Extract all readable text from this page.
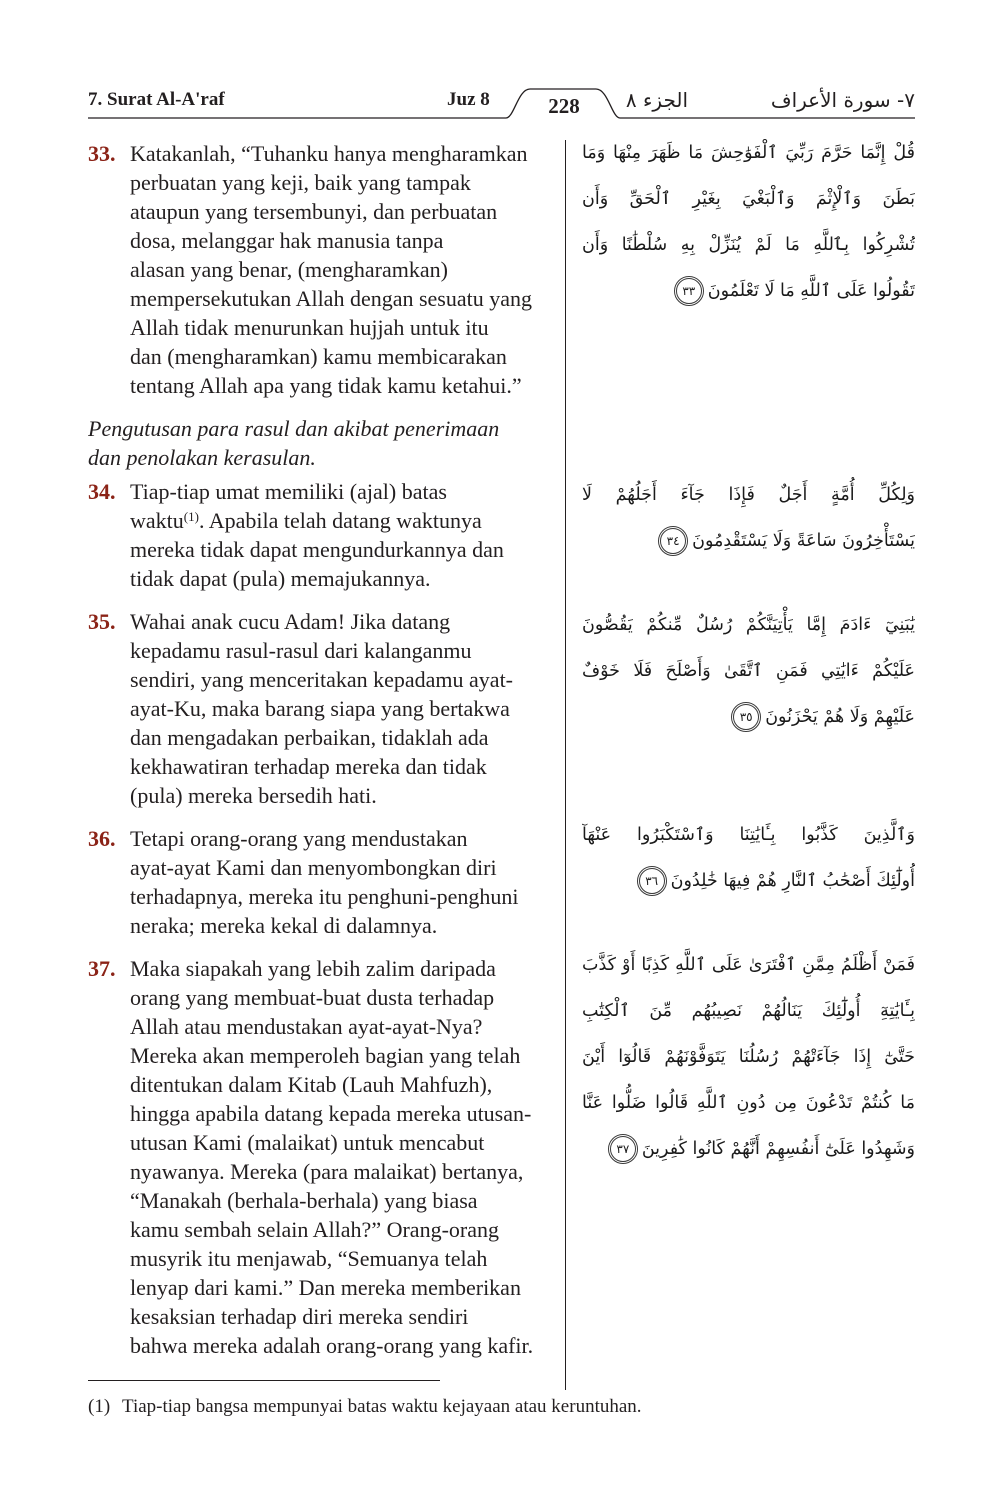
7. Surat Al-A'raf	Juz 8	228	الجزء ٨	٧- سورة الأعراف
33. Katakanlah, “Tuhanku hanya mengharamkan
perbuatan yang keji, baik yang tampak
ataupun yang tersembunyi, dan perbuatan
dosa, melanggar hak manusia tanpa
alasan yang benar, (mengharamkan)
mempersekutukan Allah dengan sesuatu yang
Allah tidak menurunkan hujjah untuk itu
dan (mengharamkan) kamu membicarakan
tentang Allah apa yang tidak kamu ketahui.”
Pengutusan para rasul dan akibat penerimaan
dan penolakan kerasulan.
34. Tiap-tiap umat memiliki (ajal) batas
waktu$^{(1)}$. Apabila telah datang waktunya
mereka tidak dapat mengundurkannya dan
tidak dapat (pula) memajukannya.
35. Wahai anak cucu Adam! Jika datang
kepadamu rasul-rasul dari kalanganmu
sendiri, yang menceritakan kepadamu ayat-
ayat-Ku, maka barang siapa yang bertakwa
dan mengadakan perbaikan, tidaklah ada
kekhawatiran terhadap mereka dan tidak
(pula) mereka bersedih hati.
36. Tetapi orang-orang yang mendustakan
ayat-ayat Kami dan menyombongkan diri
terhadapnya, mereka itu penghuni-penghuni
neraka; mereka kekal di dalamnya.
37. Maka siapakah yang lebih zalim daripada
orang yang membuat-buat dusta terhadap
Allah atau mendustakan ayat-ayat-Nya?
Mereka akan memperoleh bagian yang telah
ditentukan dalam Kitab (Lauh Mahfuzh),
hingga apabila datang kepada mereka utusan-
utusan Kami (malaikat) untuk mencabut
nyawanya. Mereka (para malaikat) bertanya,
“Manakah (berhala-berhala) yang biasa
kamu sembah selain Allah?” Orang-orang
musyrik itu menjawab, “Semuanya telah
lenyap dari kami.” Dan mereka memberikan
kesaksian terhadap diri mereka sendiri
bahwa mereka adalah orang-orang yang kafir.
قُلْ إِنَّمَا حَرَّمَ رَبِّيَ ٱلْفَوَٰحِشَ مَا ظَهَرَ مِنْهَا وَمَا
بَطَنَ وَٱلْإِثْمَ وَٱلْبَغْيَ بِغَيْرِ ٱلْحَقِّ وَأَن
تُشْرِكُوا بِٱللَّهِ مَا لَمْ يُنَزِّلْ بِهِ سُلْطَٰنًا وَأَن
تَقُولُوا عَلَى ٱللَّهِ مَا لَا تَعْلَمُونَ٣٣
وَلِكُلِّ أُمَّةٍ أَجَلٌ فَإِذَا جَآءَ أَجَلُهُمْ لَا
يَسْتَأْخِرُونَ سَاعَةً وَلَا يَسْتَقْدِمُونَ٣٤
يَٰبَنِيٓ ءَادَمَ إِمَّا يَأْتِيَنَّكُمْ رُسُلٌ مِّنكُمْ يَقُصُّونَ
عَلَيْكُمْ ءَايَٰتِي فَمَنِ ٱتَّقَىٰ وَأَصْلَحَ فَلَا خَوْفٌ
عَلَيْهِمْ وَلَا هُمْ يَحْزَنُونَ٣٥
وَٱلَّذِينَ كَذَّبُوا بِـَٔايَٰتِنَا وَٱسْتَكْبَرُوا عَنْهَآ
أُولَٰٓئِكَ أَصْحَٰبُ ٱلنَّارِ هُمْ فِيهَا خَٰلِدُونَ٣٦
فَمَنْ أَظْلَمُ مِمَّنِ ٱفْتَرَىٰ عَلَى ٱللَّهِ كَذِبًا أَوْ كَذَّبَ
بِـَٔايَٰتِهِٓ أُولَٰٓئِكَ يَنَالُهُمْ نَصِيبُهُم مِّنَ ٱلْكِتَٰبِ
حَتَّىٰٓ إِذَا جَآءَتْهُمْ رُسُلُنَا يَتَوَفَّوْنَهُمْ قَالُوٓا أَيْنَ
مَا كُنتُمْ تَدْعُونَ مِن دُونِ ٱللَّهِ قَالُوا ضَلُّوا عَنَّا
وَشَهِدُوا عَلَىٰٓ أَنفُسِهِمْ أَنَّهُمْ كَانُوا كَٰفِرِينَ٣٧
(1) Tiap-tiap bangsa mempunyai batas waktu kejayaan atau keruntuhan.
